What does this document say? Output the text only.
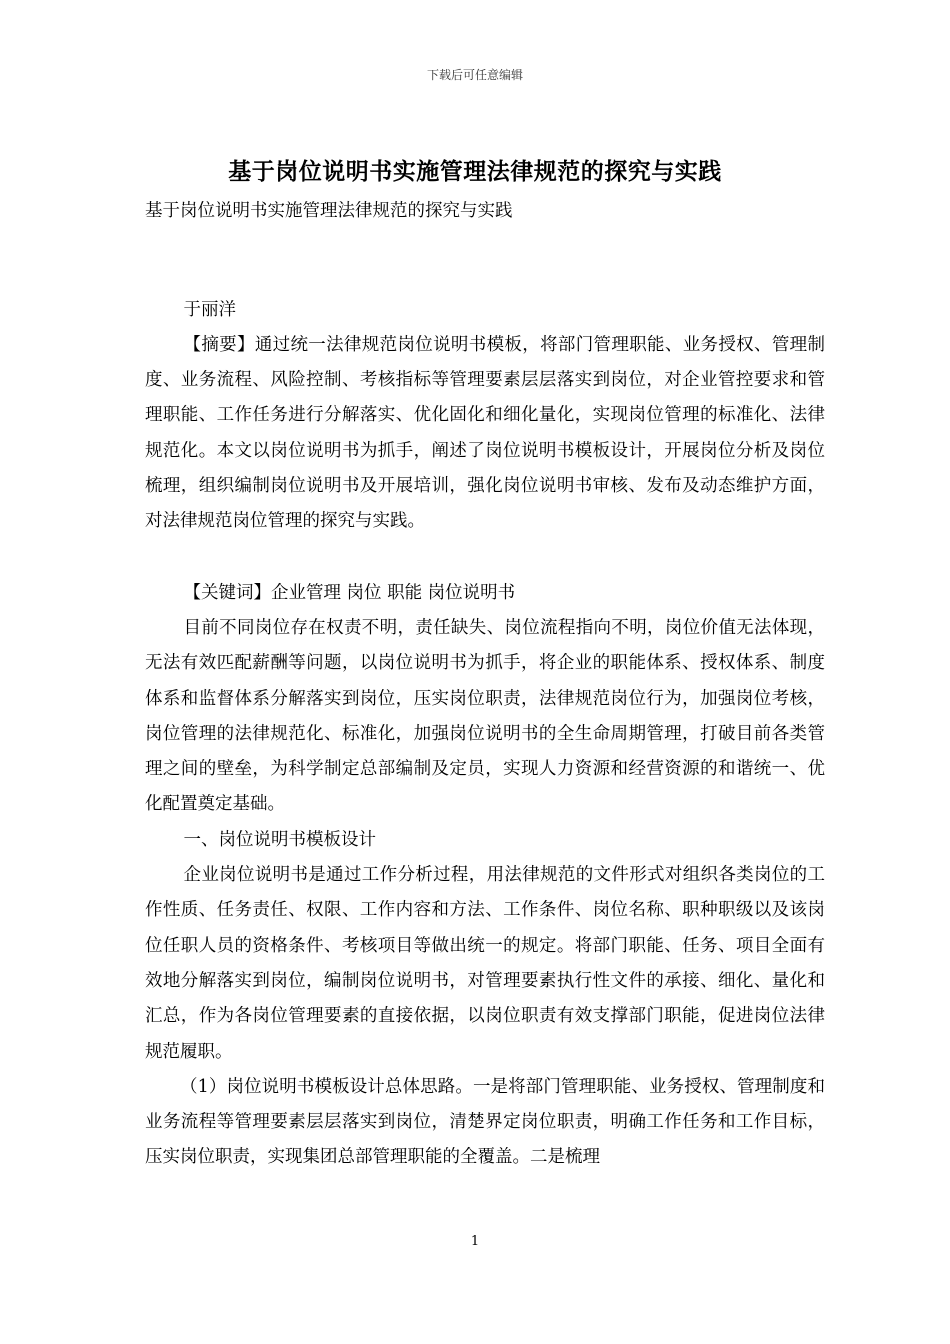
下载后可任意编辑
基于岗位说明书实施管理法律规范的探究与实践

基于岗位说明书实施管理法律规范的探究与实践

于丽洋

【摘要】通过统一法律规范岗位说明书模板，将部门管理职能、业务授权、管理制度、业务流程、风险控制、考核指标等管理要素层层落实到岗位，对企业管控要求和管理职能、工作任务进行分解落实、优化固化和细化量化，实现岗位管理的标准化、法律规范化。本文以岗位说明书为抓手，阐述了岗位说明书模板设计，开展岗位分析及岗位梳理，组织编制岗位说明书及开展培训，强化岗位说明书审核、发布及动态维护方面，对法律规范岗位管理的探究与实践。

【关键词】企业管理 岗位 职能 岗位说明书

目前不同岗位存在权责不明，责任缺失、岗位流程指向不明，岗位价值无法体现，无法有效匹配薪酬等问题，以岗位说明书为抓手，将企业的职能体系、授权体系、制度体系和监督体系分解落实到岗位，压实岗位职责，法律规范岗位行为，加强岗位考核，岗位管理的法律规范化、标准化，加强岗位说明书的全生命周期管理，打破目前各类管理之间的壁垒，为科学制定总部编制及定员，实现人力资源和经营资源的和谐统一、优化配置奠定基础。

一、岗位说明书模板设计

企业岗位说明书是通过工作分析过程，用法律规范的文件形式对组织各类岗位的工作性质、任务责任、权限、工作内容和方法、工作条件、岗位名称、职种职级以及该岗位任职人员的资格条件、考核项目等做出统一的规定。将部门职能、任务、项目全面有效地分解落实到岗位，编制岗位说明书，对管理要素执行性文件的承接、细化、量化和汇总，作为各岗位管理要素的直接依据，以岗位职责有效支撑部门职能，促进岗位法律规范履职。

（1）岗位说明书模板设计总体思路。一是将部门管理职能、业务授权、管理制度和业务流程等管理要素层层落实到岗位，清楚界定岗位职责，明确工作任务和工作目标，压实岗位职责，实现集团总部管理职能的全覆盖。二是梳理

1
